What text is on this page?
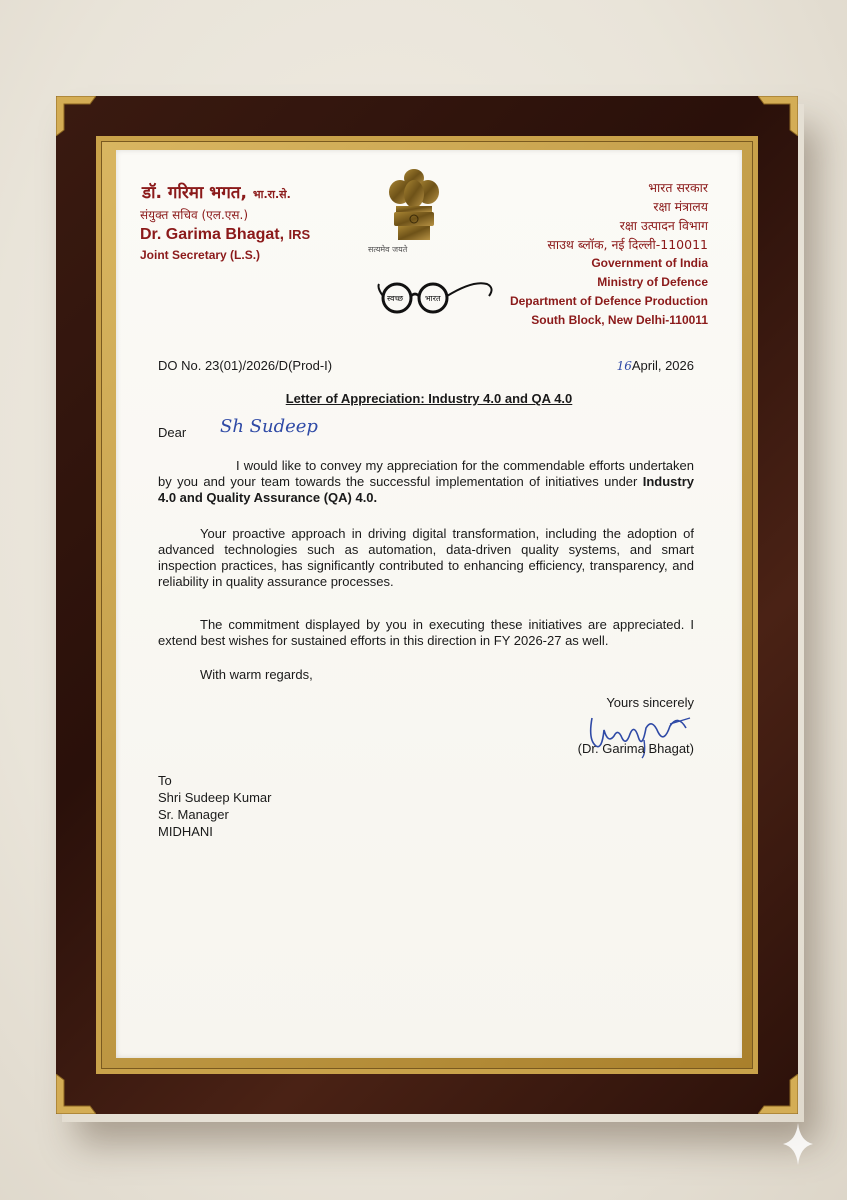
डॉ. गरिमा भगत, भा.रा.से.
संयुक्त सचिव (एल.एस.)
Dr. Garima Bhagat, IRS
Joint Secretary (L.S.)	सत्यमेव जयते
स्वच्छ	भारत
भारत सरकार
रक्षा मंत्रालय
रक्षा उत्पादन विभाग
साउथ ब्लॉक, नई दिल्ली-110011
Government of India
Ministry of Defence
Department of Defence Production
South Block, New Delhi-110011
DO No. 23(01)/2026/D(Prod-I)	16April, 2026
Letter of Appreciation: Industry 4.0 and QA 4.0
Dear Sh Sudeep
I would like to convey my appreciation for the commendable efforts undertaken by you and your team towards the successful implementation of initiatives under Industry 4.0 and Quality Assurance (QA) 4.0.
Your proactive approach in driving digital transformation, including the adoption of advanced technologies such as automation, data-driven quality systems, and smart inspection practices, has significantly contributed to enhancing efficiency, transparency, and reliability in quality assurance processes.
The commitment displayed by you in executing these initiatives are appreciated. I extend best wishes for sustained efforts in this direction in FY 2026-27 as well.
With warm regards,
Yours sincerely
(Dr. Garima Bhagat)
To
Shri Sudeep Kumar
Sr. Manager
MIDHANI
